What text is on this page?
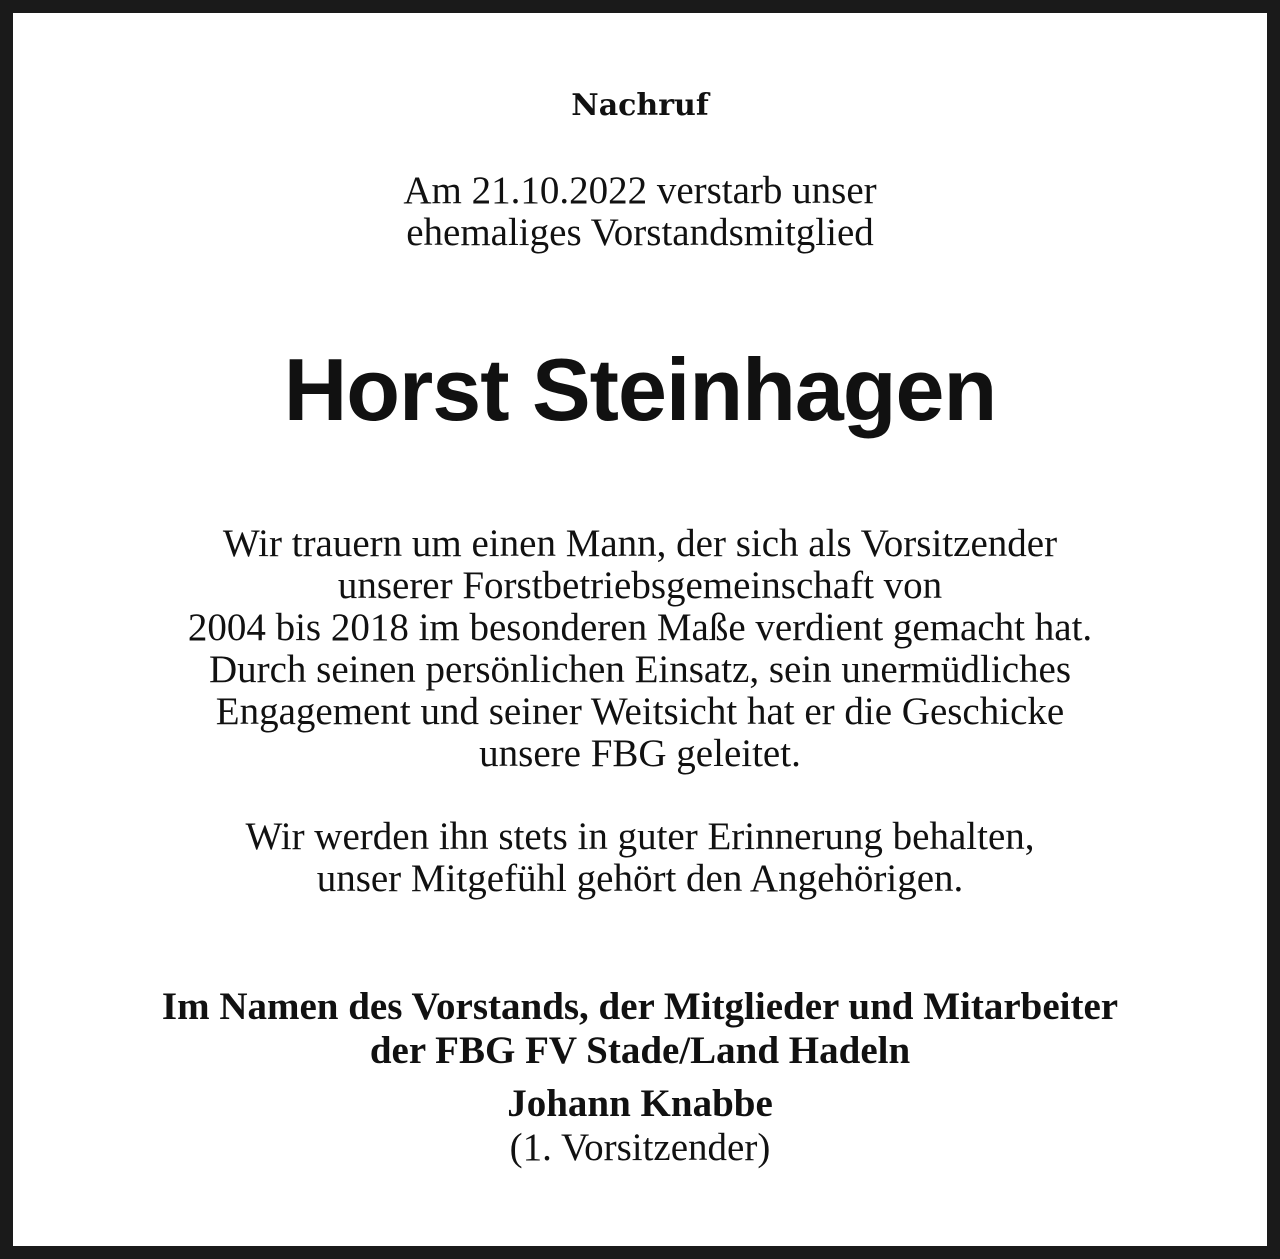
Nachruf
Am 21.10.2022 verstarb unser
ehemaliges Vorstandsmitglied
Horst Steinhagen
Wir trauern um einen Mann, der sich als Vorsitzender
unserer Forstbetriebsgemeinschaft von
2004 bis 2018 im besonderen Maße verdient gemacht hat.
Durch seinen persönlichen Einsatz, sein unermüdliches
Engagement und seiner Weitsicht hat er die Geschicke
unsere FBG geleitet.
Wir werden ihn stets in guter Erinnerung behalten,
unser Mitgefühl gehört den Angehörigen.
Im Namen des Vorstands, der Mitglieder und Mitarbeiter
der FBG FV Stade/Land Hadeln
Johann Knabbe
(1. Vorsitzender)
